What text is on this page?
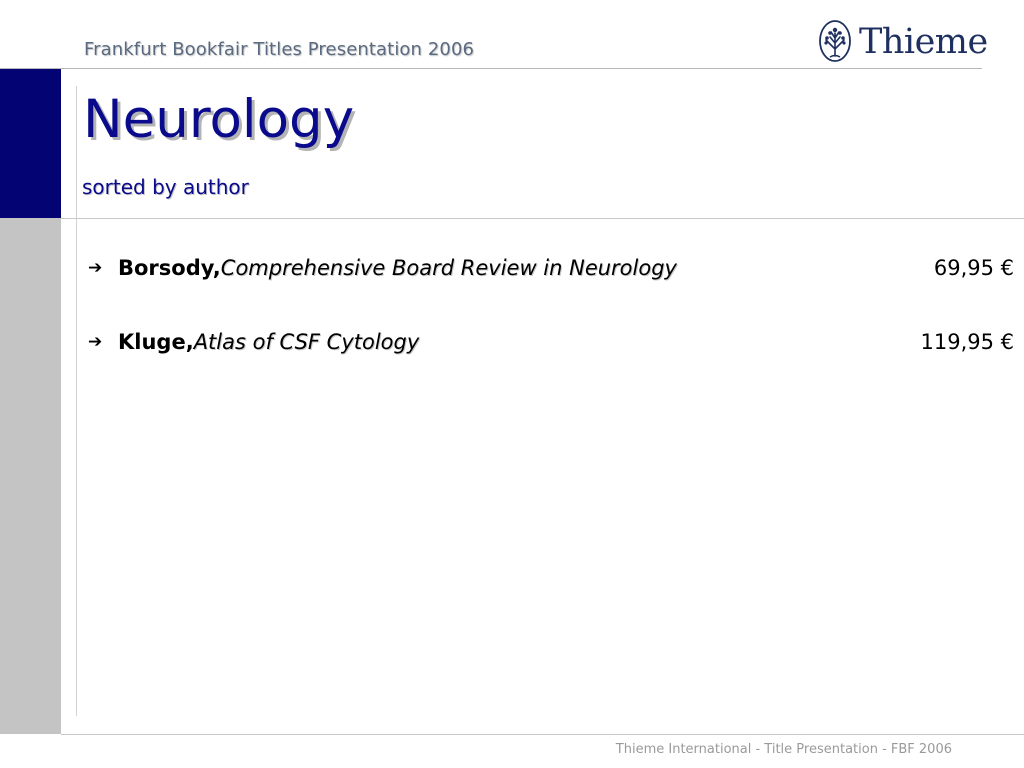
Frankfurt Bookfair Titles Presentation 2006	Thieme
Neurology
sorted by author
➔ Borsody, Comprehensive Board Review in Neurology	69,95 €
➔ Kluge, Atlas of CSF Cytology	119,95 €
Thieme International - Title Presentation - FBF 2006
